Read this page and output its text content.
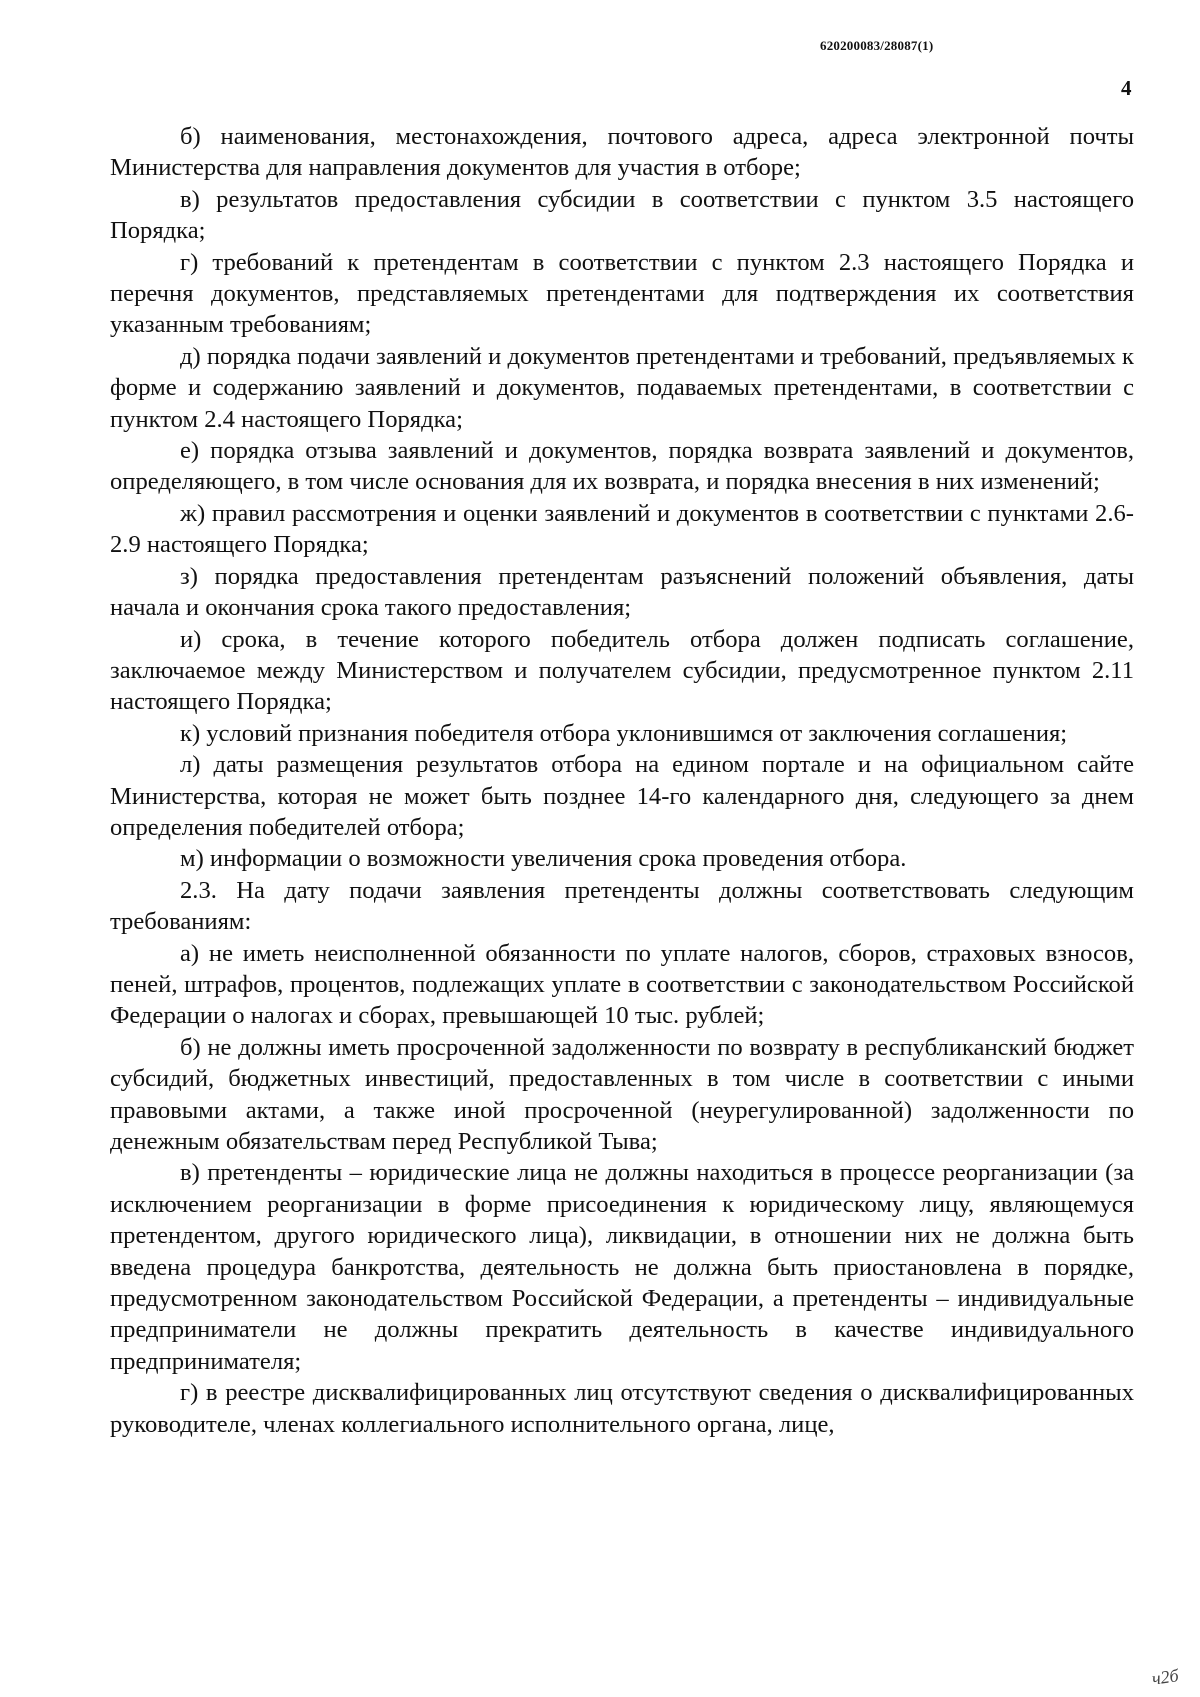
620200083/28087(1)
4

б) наименования, местонахождения, почтового адреса, адреса электронной почты Министерства для направления документов для участия в отборе;

в) результатов предоставления субсидии в соответствии с пунктом 3.5 настоящего Порядка;

г) требований к претендентам в соответствии с пунктом 2.3 настоящего Порядка и перечня документов, представляемых претендентами для подтверждения их соответствия указанным требованиям;

д) порядка подачи заявлений и документов претендентами и требований, предъявляемых к форме и содержанию заявлений и документов, подаваемых претендентами, в соответствии с пунктом 2.4 настоящего Порядка;

е) порядка отзыва заявлений и документов, порядка возврата заявлений и документов, определяющего, в том числе основания для их возврата, и порядка внесения в них изменений;

ж) правил рассмотрения и оценки заявлений и документов в соответствии с пунктами 2.6-2.9 настоящего Порядка;

з) порядка предоставления претендентам разъяснений положений объявления, даты начала и окончания срока такого предоставления;

и) срока, в течение которого победитель отбора должен подписать соглашение, заключаемое между Министерством и получателем субсидии, предусмотренное пунктом 2.11 настоящего Порядка;

к) условий признания победителя отбора уклонившимся от заключения соглашения;

л) даты размещения результатов отбора на едином портале и на официальном сайте Министерства, которая не может быть позднее 14-го календарного дня, следующего за днем определения победителей отбора;

м) информации о возможности увеличения срока проведения отбора.

2.3. На дату подачи заявления претенденты должны соответствовать следующим требованиям:

а) не иметь неисполненной обязанности по уплате налогов, сборов, страховых взносов, пеней, штрафов, процентов, подлежащих уплате в соответствии с законодательством Российской Федерации о налогах и сборах, превышающей 10 тыс. рублей;

б) не должны иметь просроченной задолженности по возврату в республиканский бюджет субсидий, бюджетных инвестиций, предоставленных в том числе в соответствии с иными правовыми актами, а также иной просроченной (неурегулированной) задолженности по денежным обязательствам перед Республикой Тыва;

в) претенденты – юридические лица не должны находиться в процессе реорганизации (за исключением реорганизации в форме присоединения к юридическому лицу, являющемуся претендентом, другого юридического лица), ликвидации, в отношении них не должна быть введена процедура банкротства, деятельность не должна быть приостановлена в порядке, предусмотренном законодательством Российской Федерации, а претенденты – индивидуальные предприниматели не должны прекратить деятельность в качестве индивидуального предпринимателя;

г) в реестре дисквалифицированных лиц отсутствуют сведения о дисквалифицированных руководителе, членах коллегиального исполнительного органа, лице,

ч2б
